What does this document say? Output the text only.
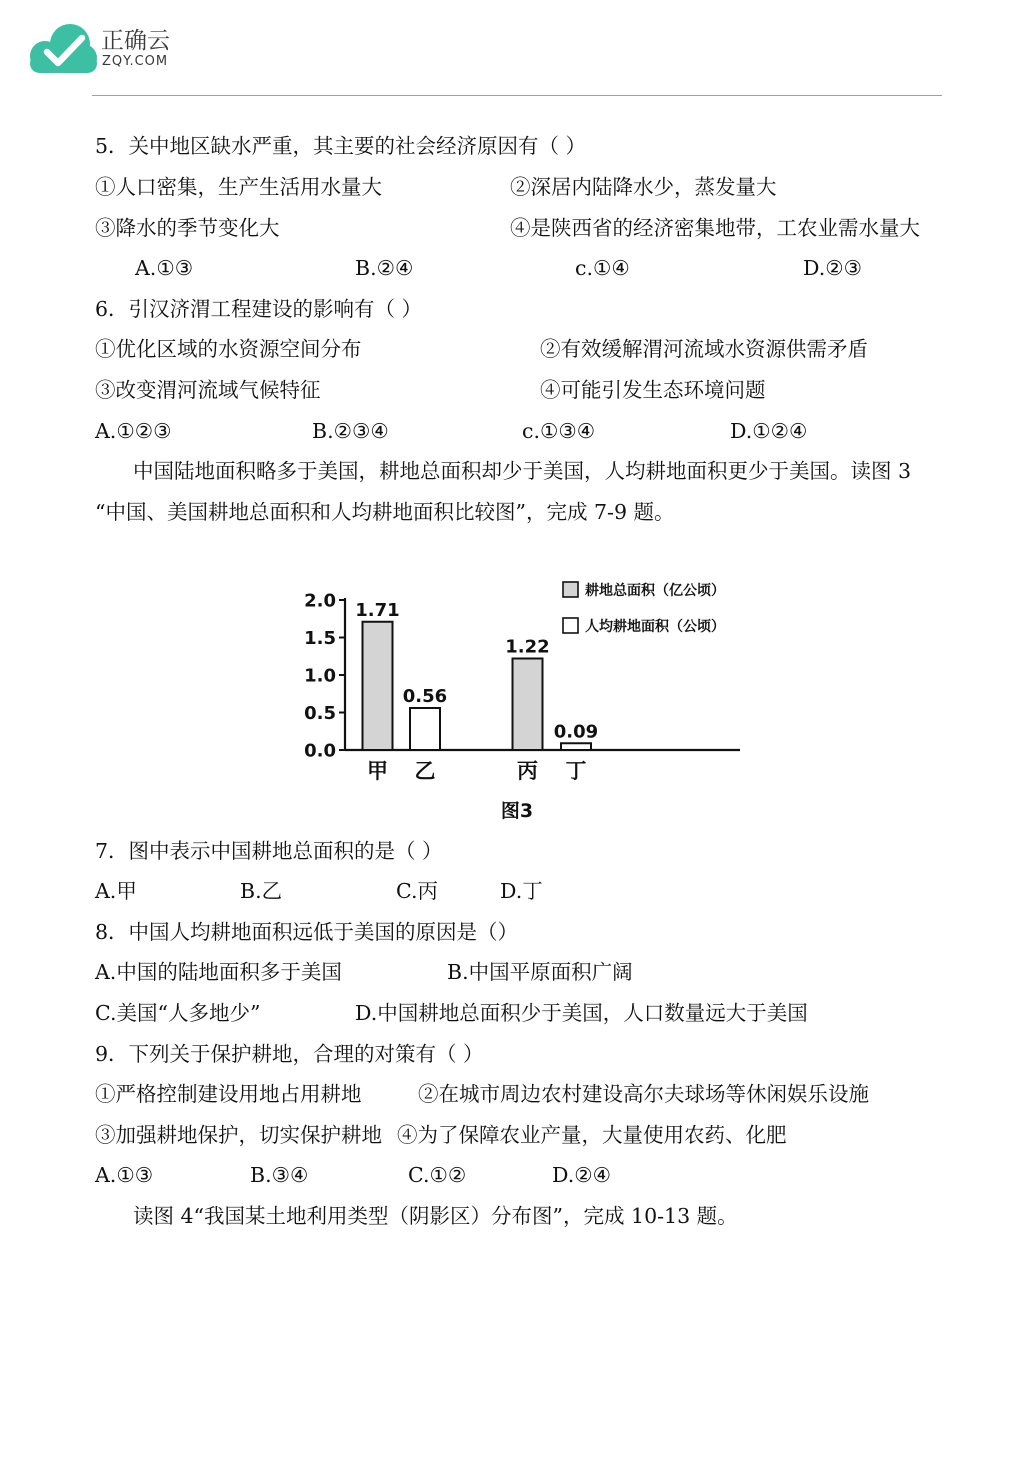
正确云
ZQY.COM
5．关中地区缺水严重，其主要的社会经济原因有（ ）
①人口密集，生产生活用水量大	②深居内陆降水少，蒸发量大
③降水的季节变化大	④是陕西省的经济密集地带，工农业需水量大
A.①③	B.②④	c.①④	D.②③
6．引汉济渭工程建设的影响有（ ）
①优化区域的水资源空间分布	②有效缓解渭河流域水资源供需矛盾
③改变渭河流域气候特征	④可能引发生态环境问题
A.①②③	B.②③④	c.①③④	D.①②④
中国陆地面积略多于美国，耕地总面积却少于美国，人均耕地面积更少于美国。读图 3
“中国、美国耕地总面积和人均耕地面积比较图”，完成 7-9 题。
2.0
1.5
1.0
0.5
0.0
1.71
1.22
0.56
0.09
甲 乙	丙 丁
耕地总面积（亿公顷）
人均耕地面积（公顷）
图3
7．图中表示中国耕地总面积的是（ ）
A.甲	B.乙	C.丙	D.丁
8．中国人均耕地面积远低于美国的原因是（）
A.中国的陆地面积多于美国	B.中国平原面积广阔
C.美国“人多地少”	D.中国耕地总面积少于美国，人口数量远大于美国
9．下列关于保护耕地，合理的对策有（ ）
①严格控制建设用地占用耕地	②在城市周边农村建设高尔夫球场等休闲娱乐设施
③加强耕地保护，切实保护耕地 ④为了保障农业产量，大量使用农药、化肥
A.①③	B.③④	C.①②	D.②④
读图 4“我国某土地利用类型（阴影区）分布图”，完成 10-13 题。
